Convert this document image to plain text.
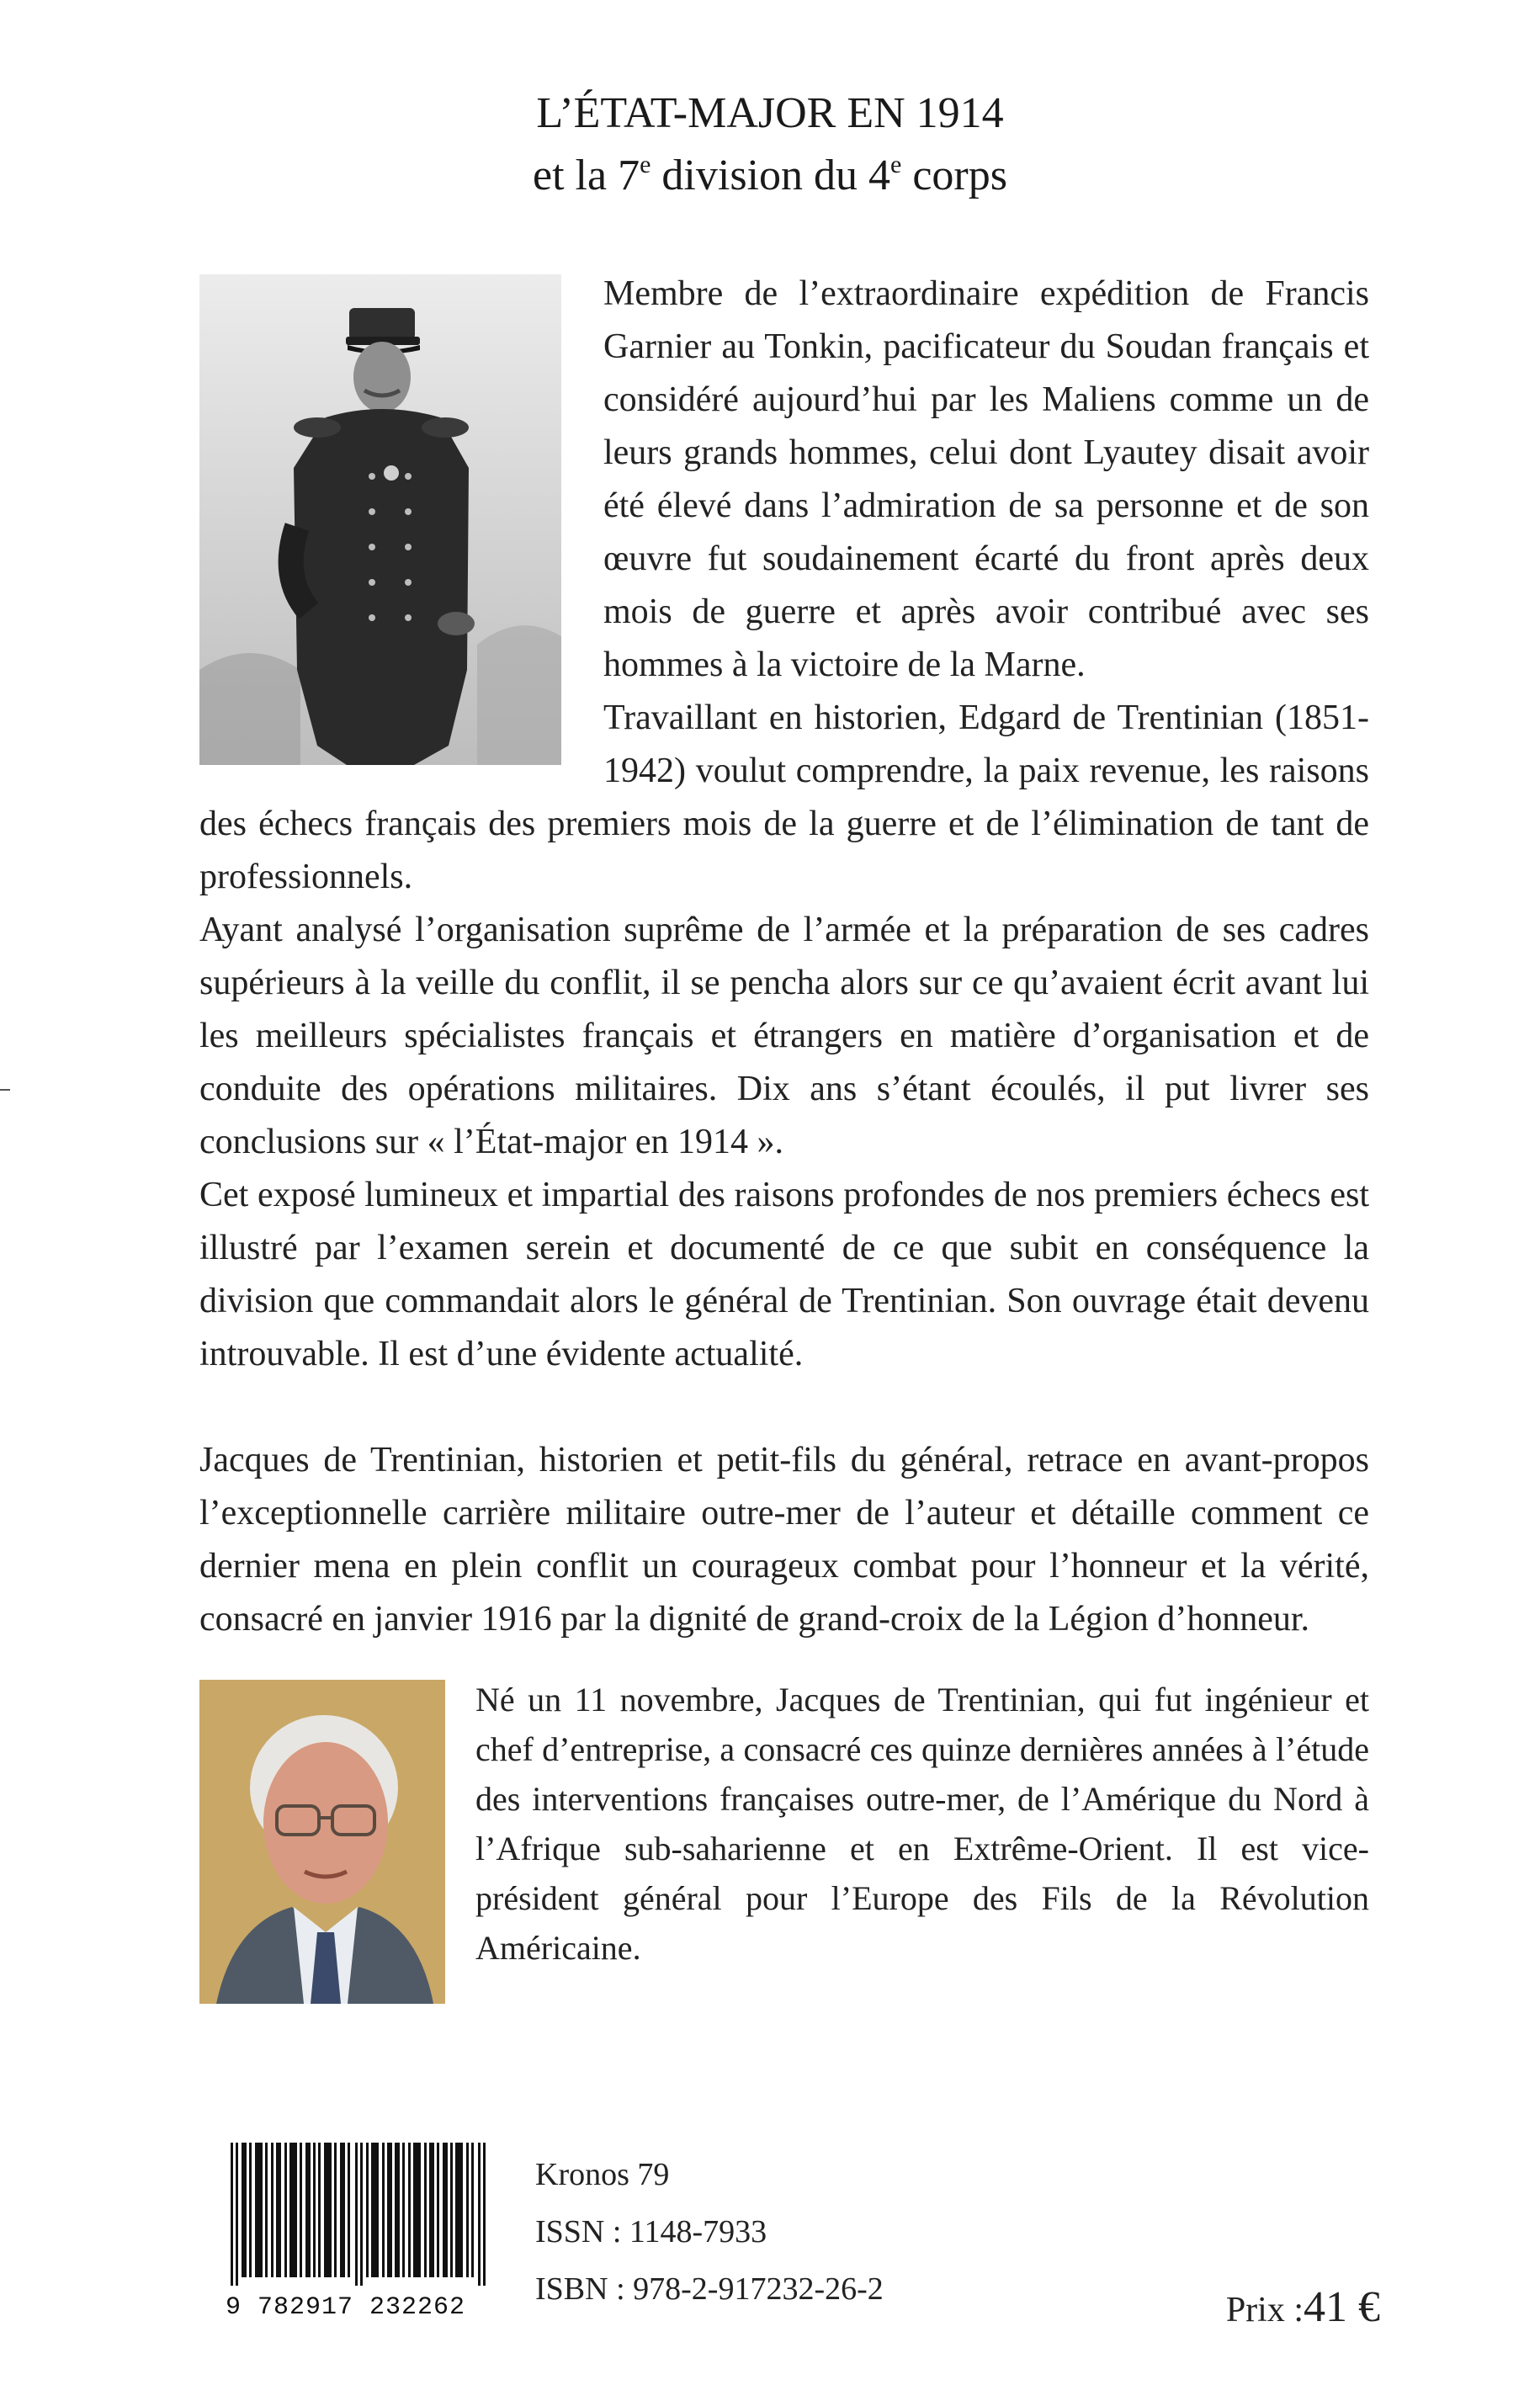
L’ÉTAT-MAJOR EN 1914
et la 7e division du 4e corps

Membre de l’extraordinaire expédition de Francis Garnier au Tonkin, pacificateur du Soudan français et considéré aujourd’hui par les Maliens comme un de leurs grands hommes, celui dont Lyautey disait avoir été élevé dans l’admiration de sa personne et de son œuvre fut soudainement écarté du front après deux mois de guerre et après avoir contribué avec ses hommes à la victoire de la Marne.

Travaillant en historien, Edgard de Trentinian (1851-1942) voulut comprendre, la paix revenue, les raisons des échecs français des premiers mois de la guerre et de l’élimination de tant de professionnels.

Ayant analysé l’organisation suprême de l’armée et la préparation de ses cadres supérieurs à la veille du conflit, il se pencha alors sur ce qu’avaient écrit avant lui les meilleurs spécialistes français et étrangers en matière d’organisation et de conduite des opérations militaires. Dix ans s’étant écoulés, il put livrer ses conclusions sur « l’État-major en 1914 ».

Cet exposé lumineux et impartial des raisons profondes de nos premiers échecs est illustré par l’examen serein et documenté de ce que subit en conséquence la division que commandait alors le général de Trentinian. Son ouvrage était devenu introuvable. Il est d’une évidente actualité.

Jacques de Trentinian, historien et petit-fils du général, retrace en avant-propos l’exceptionnelle carrière militaire outre-mer de l’auteur et détaille comment ce dernier mena en plein conflit un courageux combat pour l’honneur et la vérité, consacré en janvier 1916 par la dignité de grand-croix de la Légion d’honneur.

Né un 11 novembre, Jacques de Trentinian, qui fut ingénieur et chef d’entreprise, a consacré ces quinze dernières années à l’étude des interventions françaises outre-mer, de l’Amérique du Nord à l’Afrique sub-saharienne et en Extrême-Orient. Il est vice-président général pour l’Europe des Fils de la Révolution Américaine.

9 782917 232262
Kronos 79
ISSN : 1148-7933
ISBN : 978-2-917232-26-2
Prix :41 €
